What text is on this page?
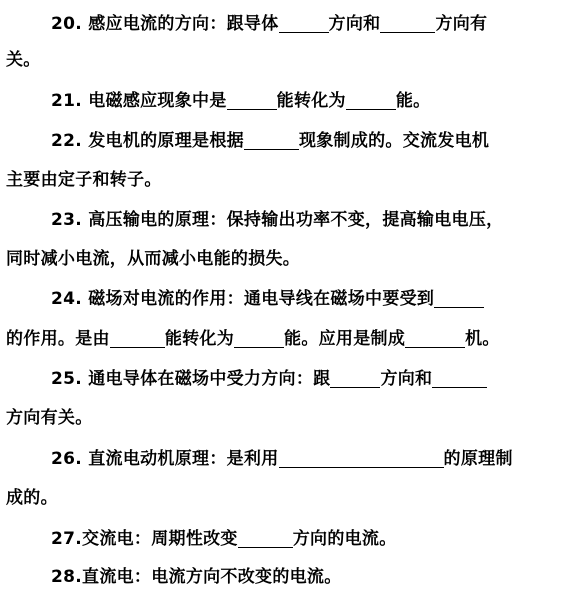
20. 感应电流的方向：跟导体	方向和	方向有
关。
21. 电磁感应现象中是	能转化为	能。
22. 发电机的原理是根据	现象制成的。交流发电机
主要由定子和转子。
23. 高压输电的原理：保持输出功率不变，提高输电电压，
同时减小电流，从而减小电能的损失。
24. 磁场对电流的作用：通电导线在磁场中要受到
的作用。是由	能转化为	能。应用是制成	机。
25. 通电导体在磁场中受力方向：跟	方向和
方向有关。
26. 直流电动机原理：是利用	的原理制
成的。
27.交流电：周期性改变	方向的电流。
28.直流电：电流方向不改变的电流。
